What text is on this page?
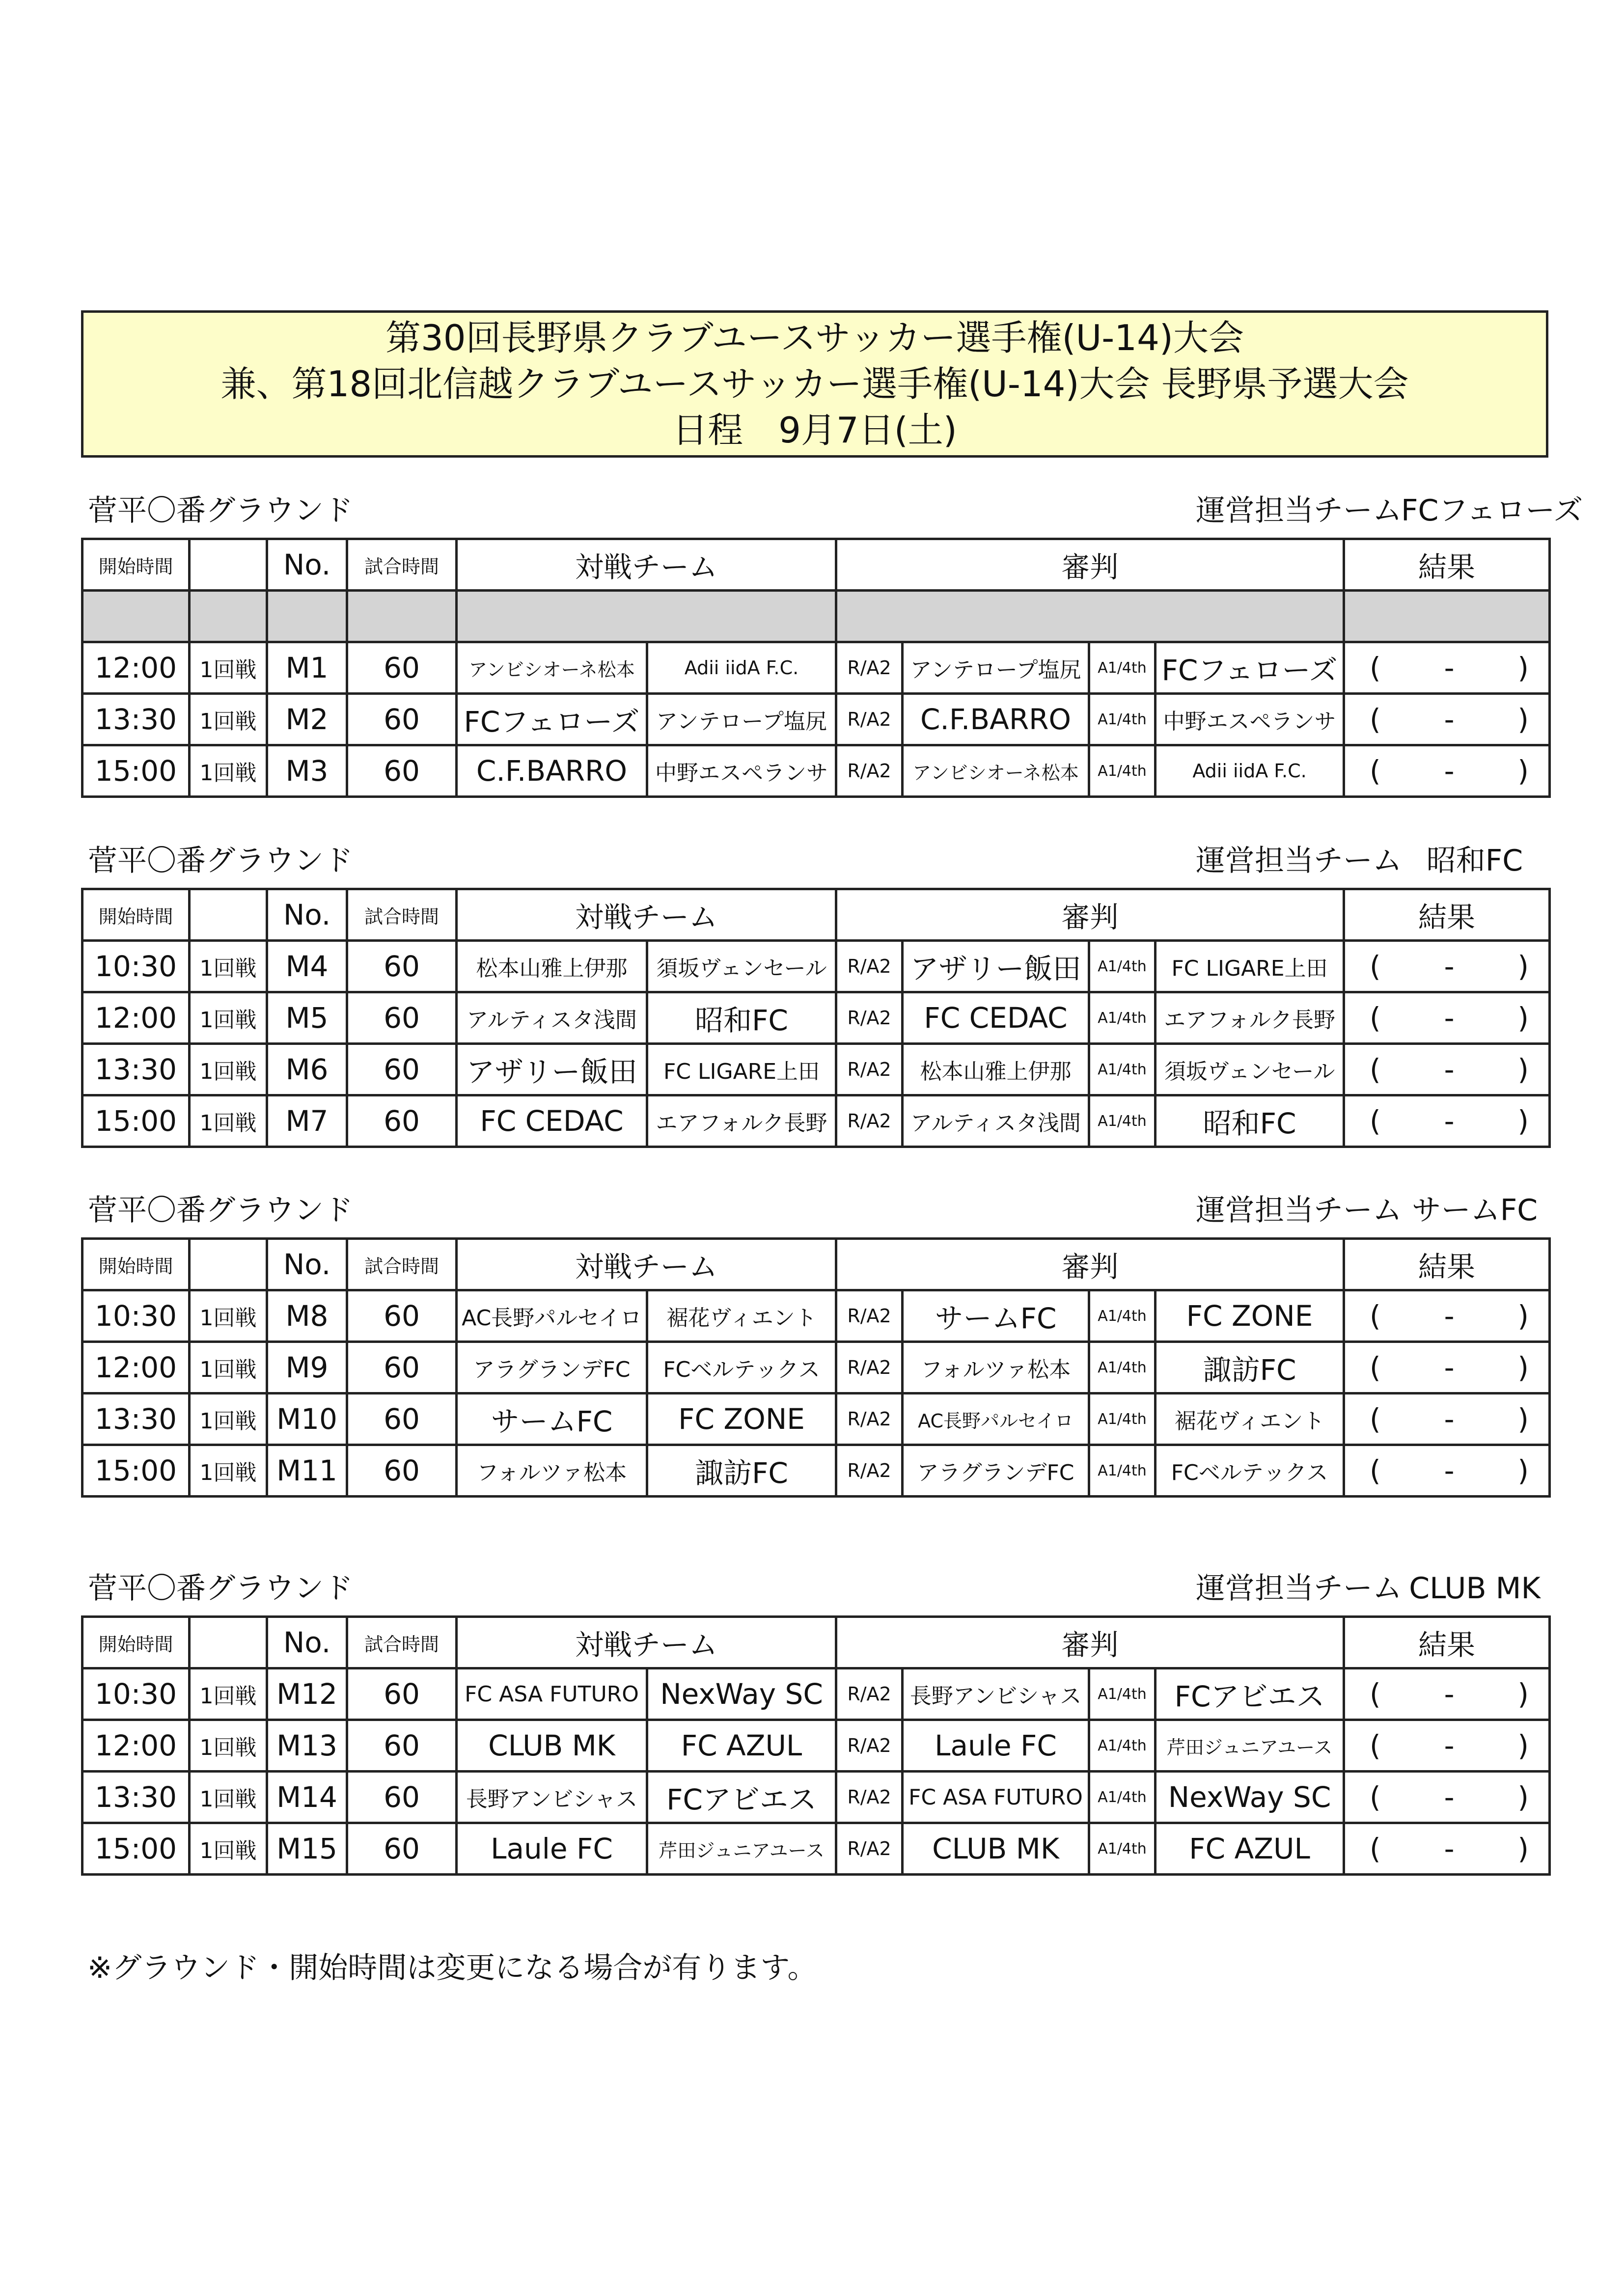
第30回長野県クラブユースサッカー選手権(U-14)大会
兼、第18回北信越クラブユースサッカー選手権(U-14)大会 長野県予選大会
日程　9月7日(土)
菅平〇番グラウンド	運営担当チーム
FCフェローズ
開始時間		No.	試合時間	対戦チーム		審判				結果

12:00	1回戦	M1	60	アンビシオーネ松本	Adii iidA F.C.	R/A2	アンテロープ塩尻	A1/4th	FCフェローズ	( - )

13:30	1回戦	M2	60	FCフェローズ	アンテロープ塩尻	R/A2	C.F.BARRO	A1/4th	中野エスペランサ	( - )

15:00	1回戦	M3	60	C.F.BARRO	中野エスペランサ	R/A2	アンビシオーネ松本	A1/4th	Adii iidA F.C.	( - )
菅平〇番グラウンド	運営担当チーム 昭和FC
開始時間		No.	試合時間	対戦チーム		審判				結果
10:30	1回戦	M4	60	松本山雅上伊那	須坂ヴェンセール	R/A2	アザリー飯田	A1/4th	FC LIGARE上田	( - )

12:00	1回戦	M5	60	アルティスタ浅間	昭和FC	R/A2	FC CEDAC	A1/4th	エアフォルク長野	( - )

13:30	1回戦	M6	60	アザリー飯田	FC LIGARE上田	R/A2	松本山雅上伊那	A1/4th	須坂ヴェンセール	( - )

15:00	1回戦	M7	60	FC CEDAC	エアフォルク長野	R/A2	アルティスタ浅間	A1/4th	昭和FC	( - )
菅平〇番グラウンド	運営担当チーム サームFC
開始時間		No.	試合時間	対戦チーム		審判				結果
10:30	1回戦	M8	60	AC長野パルセイロ	裾花ヴィエント	R/A2	サームFC	A1/4th	FC ZONE	( - )

12:00	1回戦	M9	60	アラグランデFC	FCベルテックス	R/A2	フォルツァ松本	A1/4th	諏訪FC	( - )

13:30	1回戦	M10	60	サームFC	FC ZONE	R/A2	AC長野パルセイロ	A1/4th	裾花ヴィエント	( - )

15:00	1回戦	M11	60	フォルツァ松本	諏訪FC	R/A2	アラグランデFC	A1/4th	FCベルテックス	( - )
菅平〇番グラウンド	運営担当チーム CLUB MK
開始時間		No.	試合時間	対戦チーム		審判				結果
10:30	1回戦	M12	60	FC ASA FUTURO	NexWay SC	R/A2	長野アンビシャス	A1/4th	FCアビエス	( - )

12:00	1回戦	M13	60	CLUB MK	FC AZUL	R/A2	Laule FC	A1/4th	芹田ジュニアユース	( - )

13:30	1回戦	M14	60	長野アンビシャス	FCアビエス	R/A2	FC ASA FUTURO	A1/4th	NexWay SC	( - )

15:00	1回戦	M15	60	Laule FC	芹田ジュニアユース	R/A2	CLUB MK	A1/4th	FC AZUL	( - )
※グラウンド・開始時間は変更になる場合が有ります。
